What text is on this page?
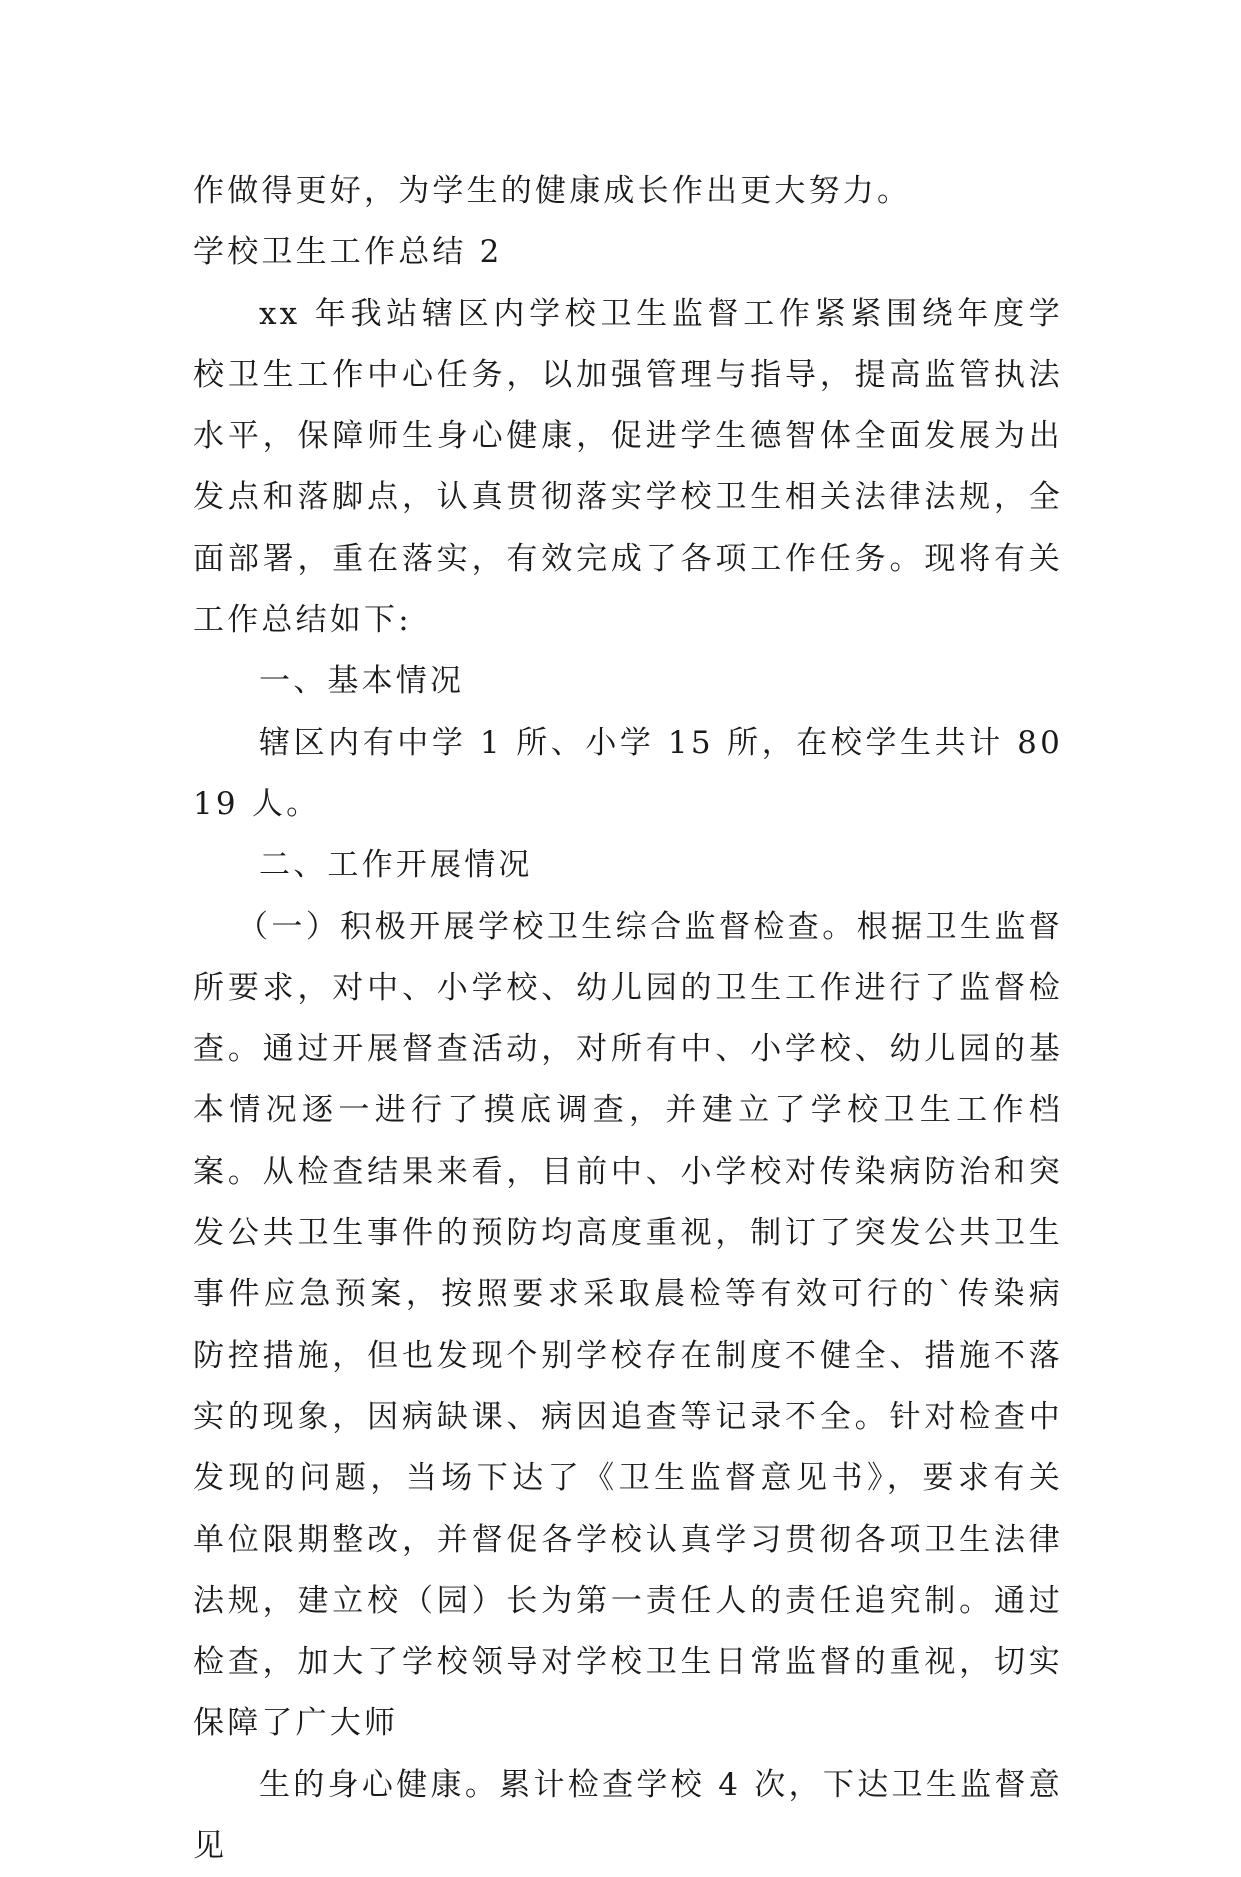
作做得更好，为学生的健康成长作出更大努力。

学校卫生工作总结 2

xx 年我站辖区内学校卫生监督工作紧紧围绕年度学校卫生工作中心任务，以加强管理与指导，提高监管执法水平，保障师生身心健康，促进学生德智体全面发展为出发点和落脚点，认真贯彻落实学校卫生相关法律法规，全面部署，重在落实，有效完成了各项工作任务。现将有关工作总结如下:

一、基本情况

辖区内有中学 1 所、小学 15 所，在校学生共计 8019 人。

二、工作开展情况

（一）积极开展学校卫生综合监督检查。根据卫生监督所要求，对中、小学校、幼儿园的卫生工作进行了监督检查。通过开展督查活动，对所有中、小学校、幼儿园的基本情况逐一进行了摸底调查，并建立了学校卫生工作档案。从检查结果来看，目前中、小学校对传染病防治和突发公共卫生事件的预防均高度重视，制订了突发公共卫生事件应急预案，按照要求采取晨检等有效可行的`传染病防控措施，但也发现个别学校存在制度不健全、措施不落实的现象，因病缺课、病因追查等记录不全。针对检查中发现的问题，当场下达了《卫生监督意见书》，要求有关单位限期整改，并督促各学校认真学习贯彻各项卫生法律法规，建立校（园）长为第一责任人的责任追究制。通过检查，加大了学校领导对学校卫生日常监督的重视，切实保障了广大师

生的身心健康。累计检查学校 4 次，下达卫生监督意见
